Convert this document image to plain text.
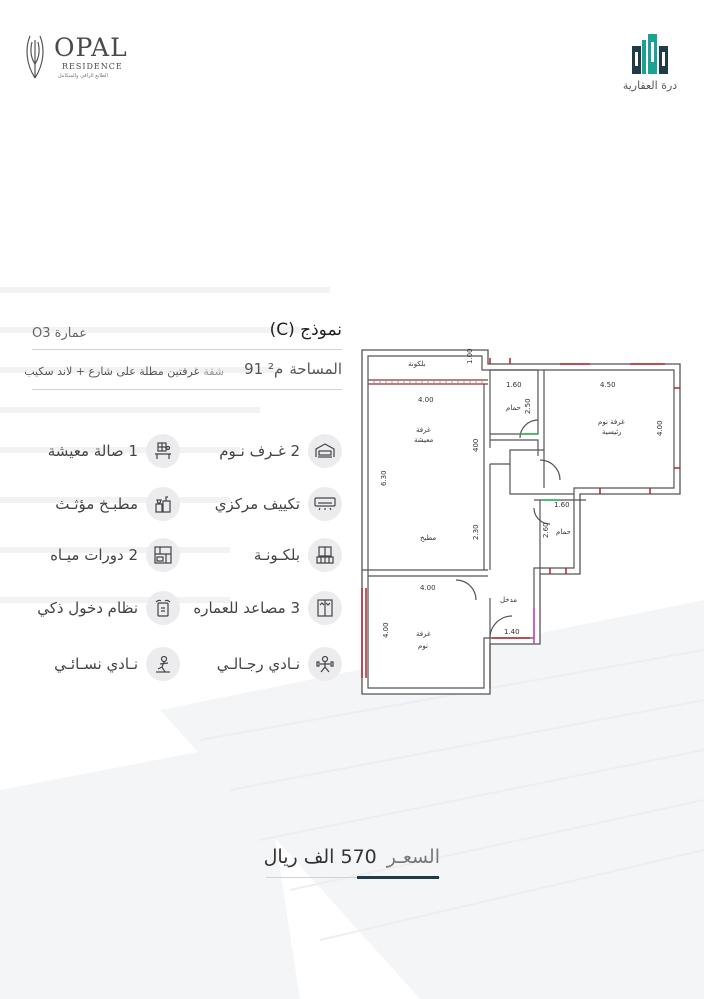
OPAL
RESIDENCE
الطابع الراقي والمتكامل
درة العقارية
نموذج (C)
عمارة O3
المساحة
91 م²
شقة
غرفتين مطلة على شارع + لاند سكيب
2 غـرف نـوم
تكييف مركزي
بلكـونـة
3 مصاعد للعماره
نـادي رجـالـي
1 صالة معيشة
مطبـخ مؤثـث
2 دورات ميـاه
نظام دخول ذكي
نـادي نسـائـي
بلكونة
غرفة
معيشة
مطبخ
حمام
غرفة نوم
رئيسية
حمام
غرفة
نوم
مدخل
1.00
4.00
1.60	4.50
2.50
4.00
400
6.30
1.60
2.60
2.30
4.00
4.00	1.40
السعـر
570 الف ريال
